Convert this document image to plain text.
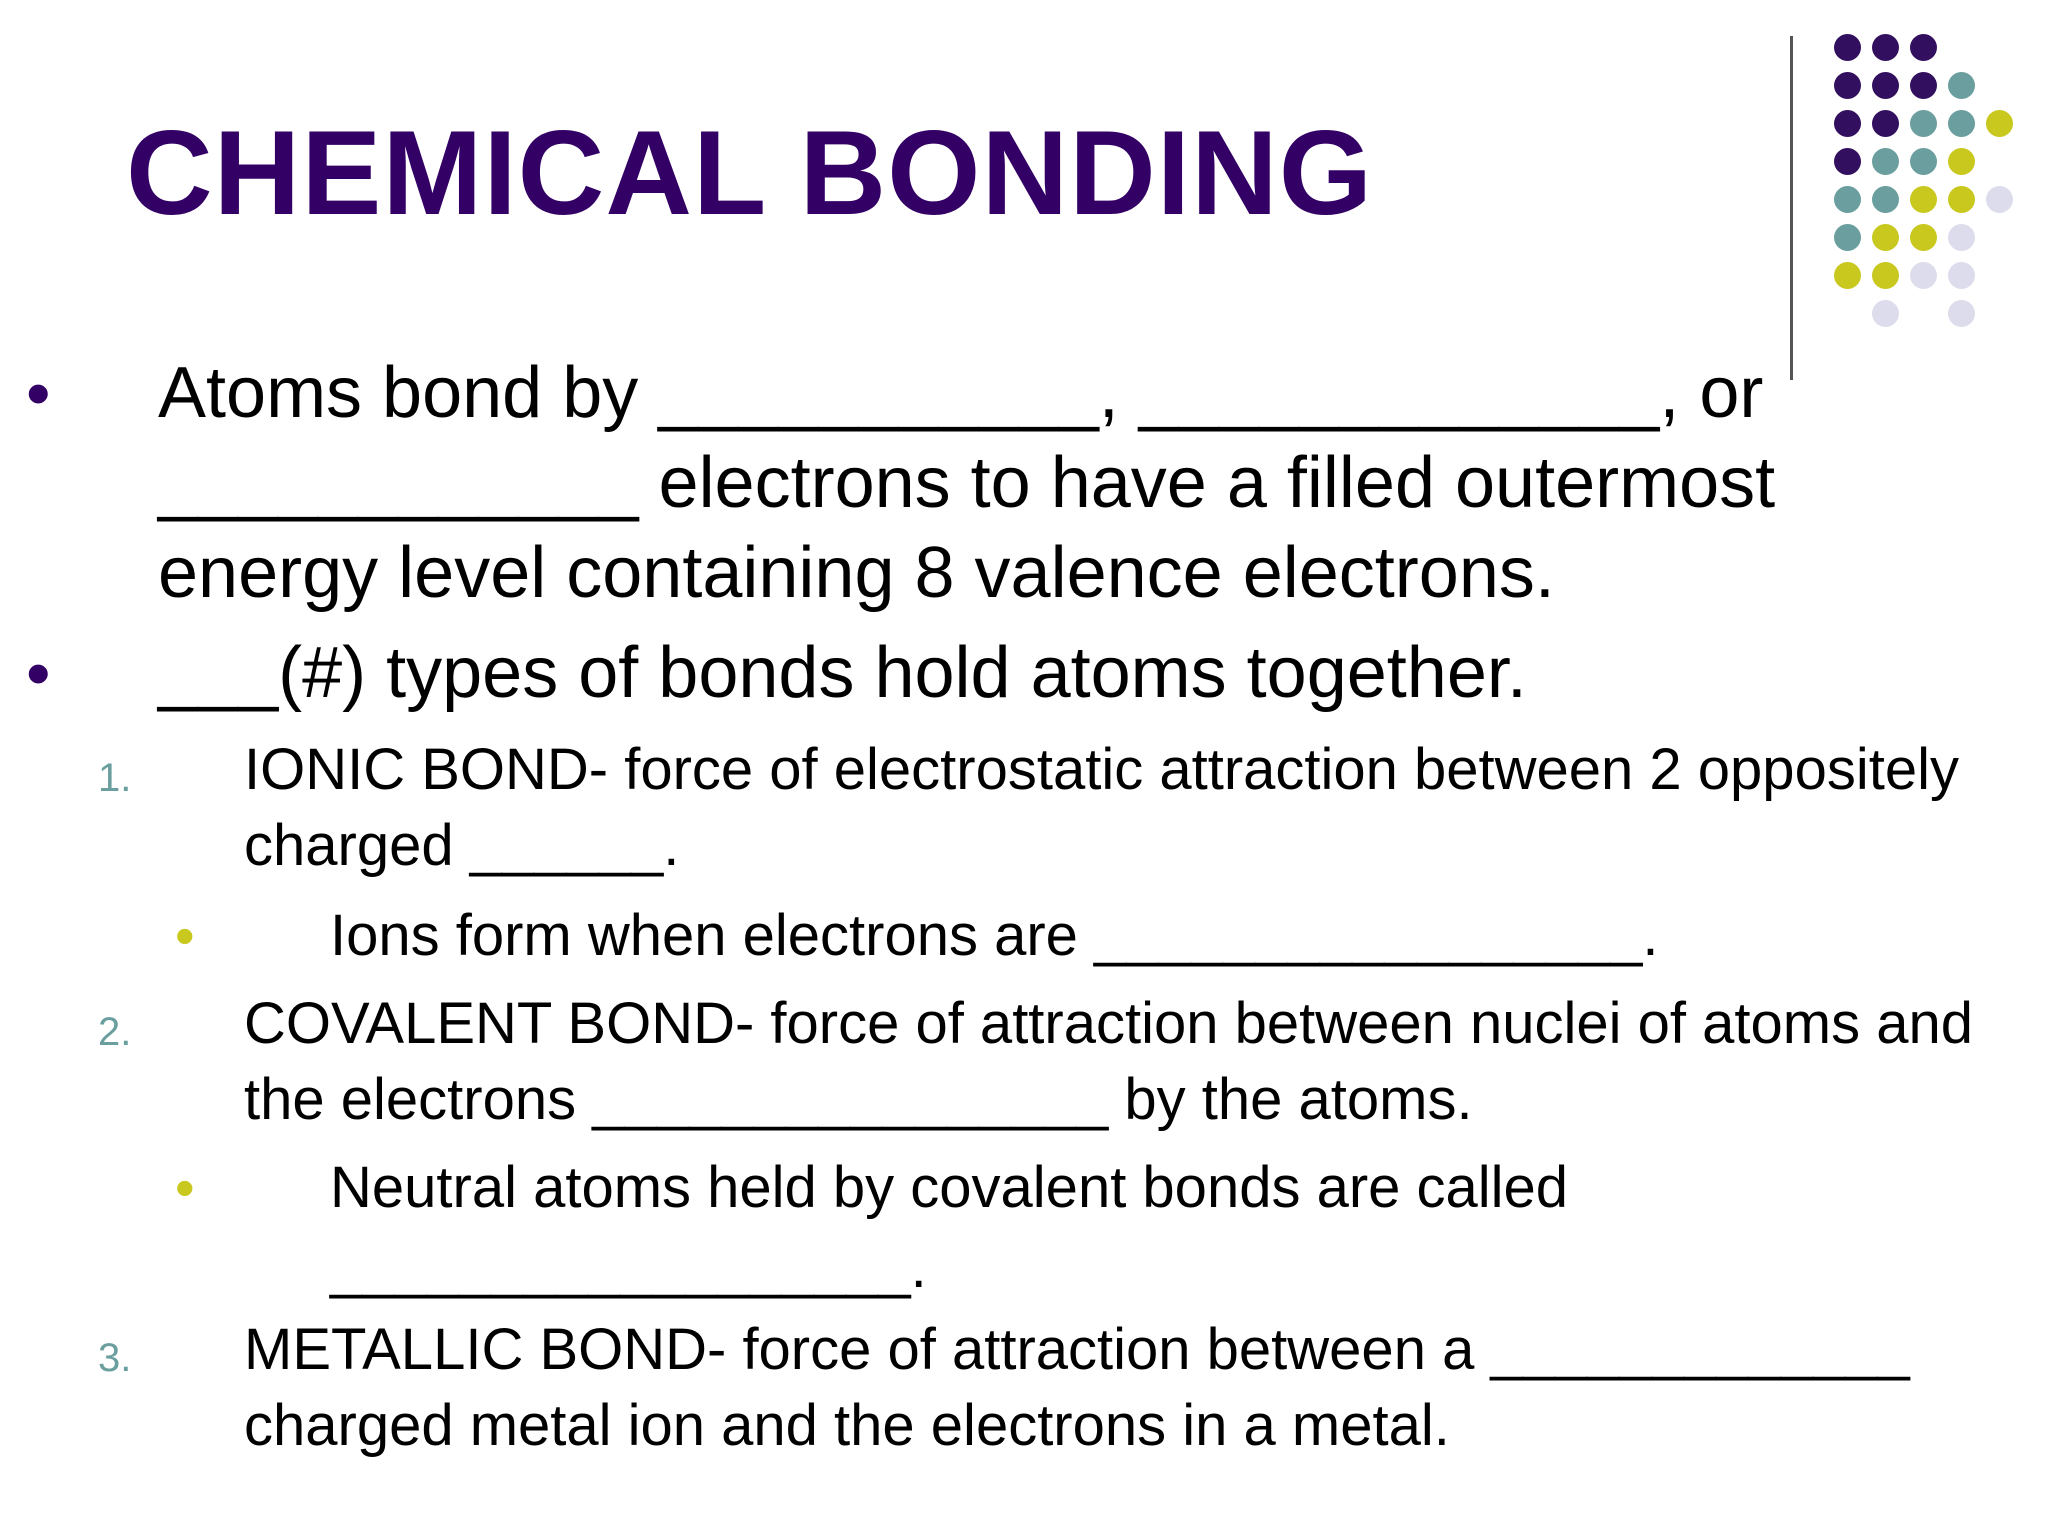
CHEMICAL BONDING
• Atoms bond by ___________, _____________, or ____________ electrons to have a filled outermost energy level containing 8 valence electrons.
• ___(#) types of bonds hold atoms together.
1. IONIC BOND- force of electrostatic attraction between 2 oppositely charged ______.
• Ions form when electrons are _________________.
2. COVALENT BOND- force of attraction between nuclei of atoms and the electrons ________________ by the atoms.
• Neutral atoms held by covalent bonds are called __________________.
3. METALLIC BOND- force of attraction between a _____________ charged metal ion and the electrons in a metal.
